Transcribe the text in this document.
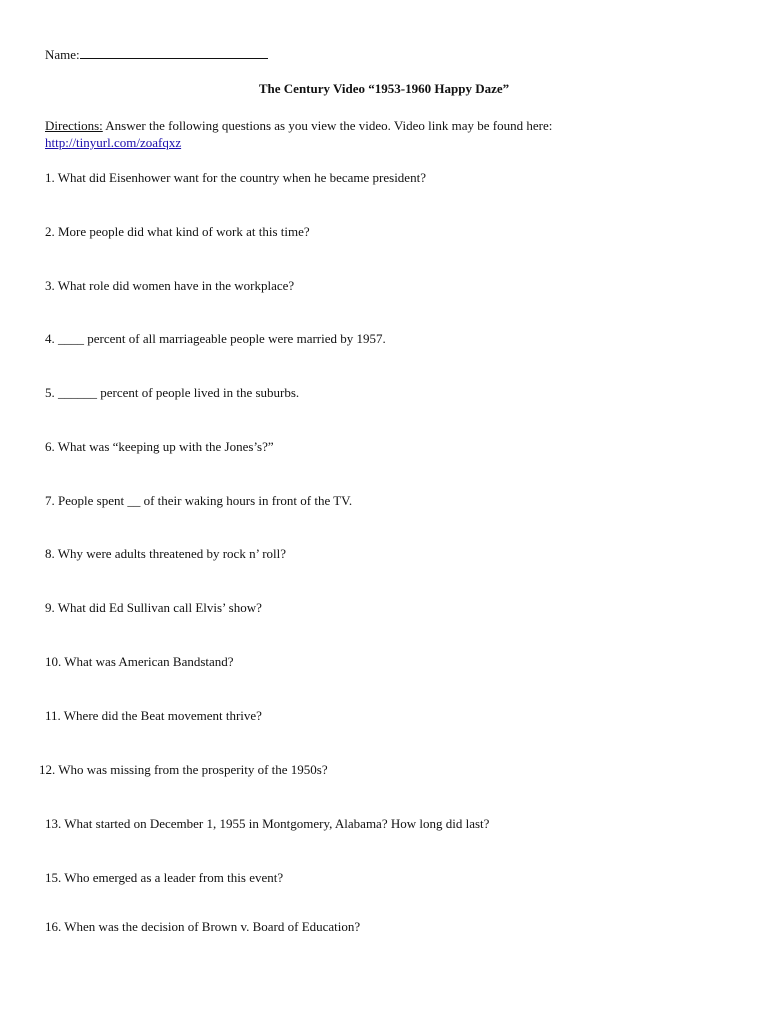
Name:
The Century Video “1953-1960 Happy Daze”
Directions: Answer the following questions as you view the video. Video link may be found here:
http://tinyurl.com/zoafqxz
1. What did Eisenhower want for the country when he became president?
2. More people did what kind of work at this time?
3. What role did women have in the workplace?
4. ____ percent of all marriageable people were married by 1957.
5. ______ percent of people lived in the suburbs.
6. What was “keeping up with the Jones’s?”
7. People spent __ of their waking hours in front of the TV.
8. Why were adults threatened by rock n’ roll?
9. What did Ed Sullivan call Elvis’ show?
10. What was American Bandstand?
11. Where did the Beat movement thrive?
12. Who was missing from the prosperity of the 1950s?
13. What started on December 1, 1955 in Montgomery, Alabama? How long did last?
15. Who emerged as a leader from this event?
16. When was the decision of Brown v. Board of Education?
